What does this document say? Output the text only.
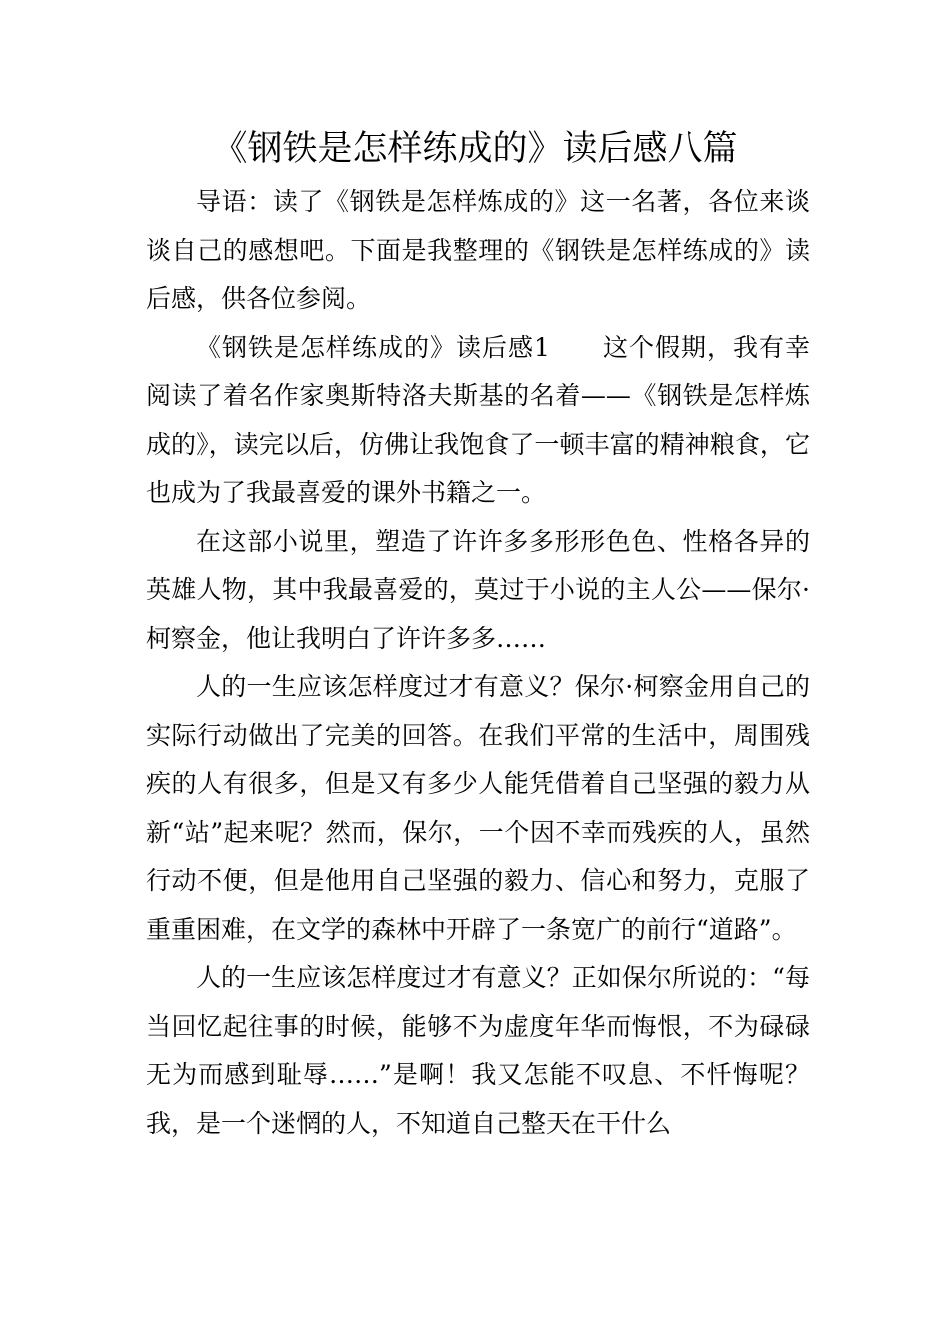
《钢铁是怎样练成的》读后感八篇

导语：读了《钢铁是怎样炼成的》这一名著，各位来谈谈自己的感想吧。下面是我整理的《钢铁是怎样练成的》读后感，供各位参阅。

《钢铁是怎样练成的》读后感1　　这个假期，我有幸阅读了着名作家奥斯特洛夫斯基的名着——《钢铁是怎样炼成的》，读完以后，仿佛让我饱食了一顿丰富的精神粮食，它也成为了我最喜爱的课外书籍之一。

在这部小说里，塑造了许许多多形形色色、性格各异的英雄人物，其中我最喜爱的，莫过于小说的主人公——保尔·柯察金，他让我明白了许许多多……

人的一生应该怎样度过才有意义？保尔·柯察金用自己的实际行动做出了完美的回答。在我们平常的生活中，周围残疾的人有很多，但是又有多少人能凭借着自己坚强的毅力从新“站”起来呢？然而，保尔，一个因不幸而残疾的人，虽然行动不便，但是他用自己坚强的毅力、信心和努力，克服了重重困难，在文学的森林中开辟了一条宽广的前行“道路”。

人的一生应该怎样度过才有意义？正如保尔所说的：“每当回忆起往事的时候，能够不为虚度年华而悔恨，不为碌碌无为而感到耻辱……”是啊！我又怎能不叹息、不忏悔呢？我，是一个迷惘的人，不知道自己整天在干什么
